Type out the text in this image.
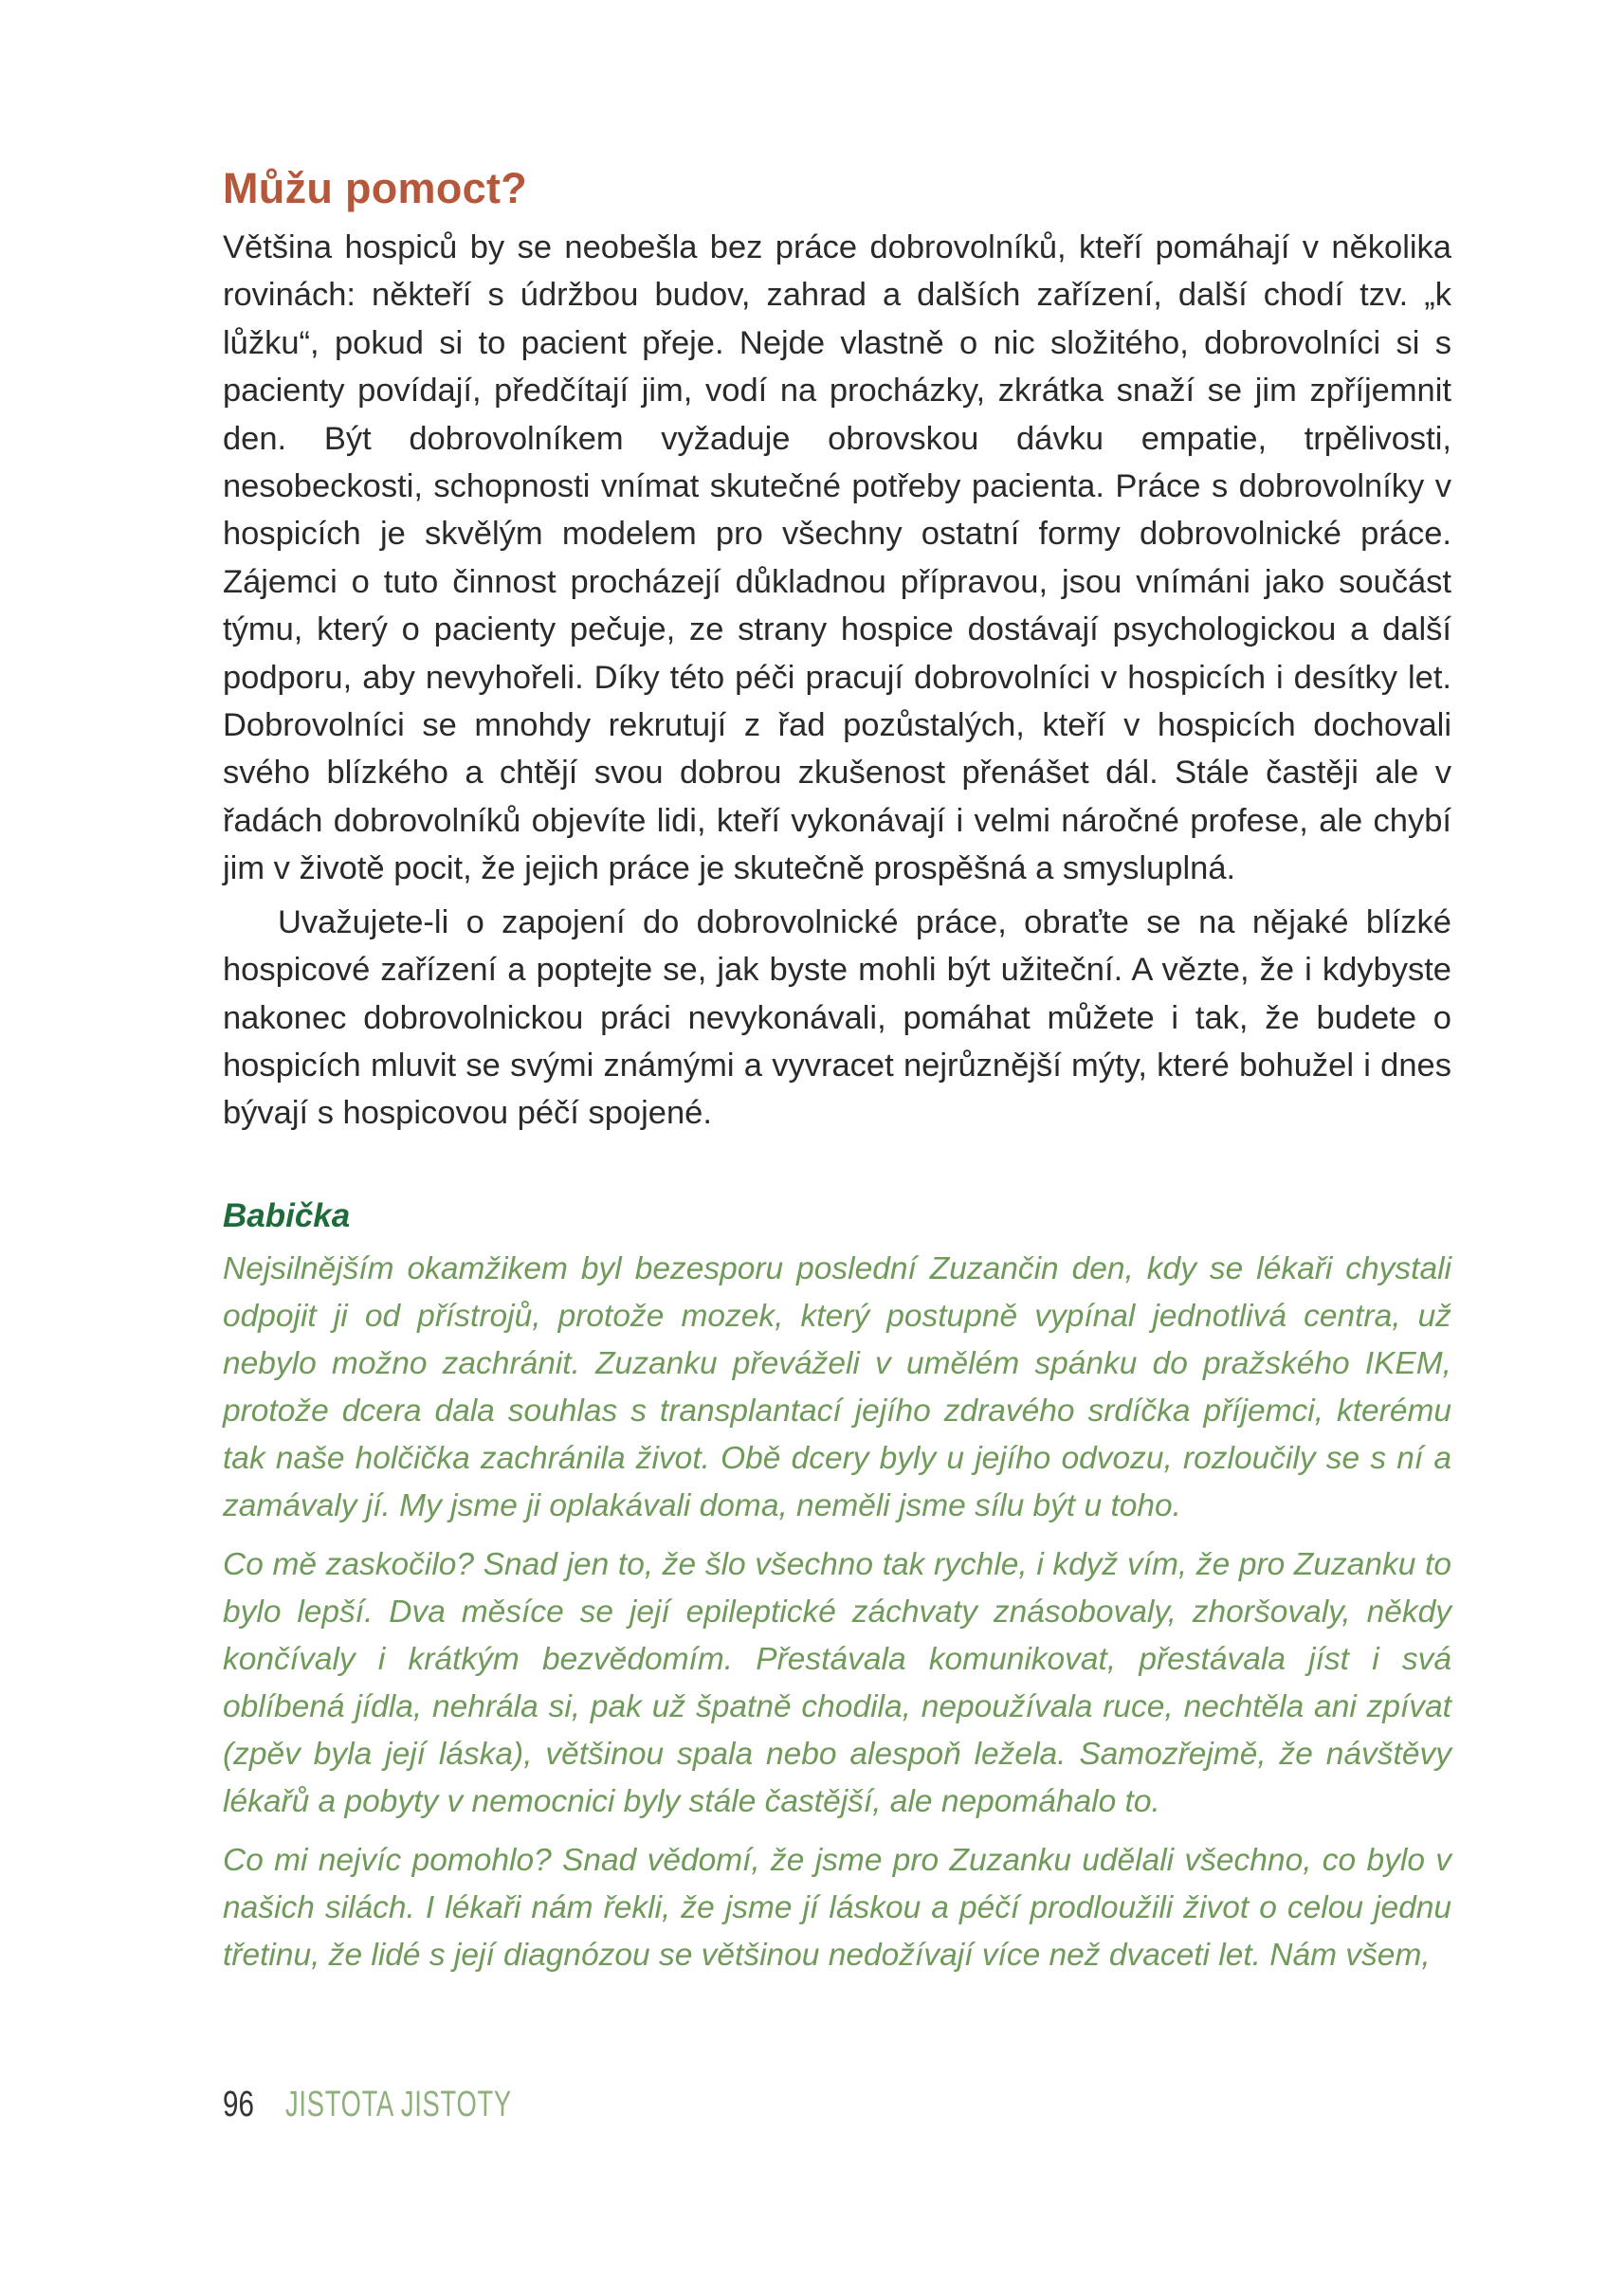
Můžu pomoct?

Většina hospiců by se neobešla bez práce dobrovolníků, kteří pomáhají v několika rovinách: někteří s údržbou budov, zahrad a dalších zařízení, další chodí tzv. „k lůžku“, pokud si to pacient přeje. Nejde vlastně o nic složitého, dobrovolníci si s pacienty povídají, předčítají jim, vodí na procházky, zkrátka snaží se jim zpříjemnit den. Být dobrovolníkem vyžaduje obrovskou dávku empatie, trpělivosti, nesobeckosti, schopnosti vnímat skutečné potřeby pacienta. Práce s dobrovolníky v hospicích je skvělým modelem pro všechny ostatní formy dobrovolnické práce. Zájemci o tuto činnost procházejí důkladnou přípravou, jsou vnímáni jako součást týmu, který o pacienty pečuje, ze strany hospice dostávají psychologickou a další podporu, aby nevyhořeli. Díky této péči pracují dobrovolníci v hospicích i desítky let. Dobrovolníci se mnohdy rekrutují z řad pozůstalých, kteří v hospicích dochovali svého blízkého a chtějí svou dobrou zkušenost přenášet dál. Stále častěji ale v řadách dobrovolníků objevíte lidi, kteří vykonávají i velmi náročné profese, ale chybí jim v životě pocit, že jejich práce je skutečně prospěšná a smysluplná.

Uvažujete-li o zapojení do dobrovolnické práce, obraťte se na nějaké blízké hospicové zařízení a poptejte se, jak byste mohli být užiteční. A vězte, že i kdybyste nakonec dobrovolnickou práci nevykonávali, pomáhat můžete i tak, že budete o hospicích mluvit se svými známými a vyvracet nejrůznější mýty, které bohužel i dnes bývají s hospicovou péčí spojené.

Babička

Nejsilnějším okamžikem byl bezesporu poslední Zuzančin den, kdy se lékaři chystali odpojit ji od přístrojů, protože mozek, který postupně vypínal jednotlivá centra, už nebylo možno zachránit. Zuzanku převáželi v umělém spánku do pražského IKEM, protože dcera dala souhlas s transplantací jejího zdravého srdíčka příjemci, kterému tak naše holčička zachránila život. Obě dcery byly u jejího odvozu, rozloučily se s ní a zamávaly jí. My jsme ji oplakávali doma, neměli jsme sílu být u toho.

Co mě zaskočilo? Snad jen to, že šlo všechno tak rychle, i když vím, že pro Zuzanku to bylo lepší. Dva měsíce se její epileptické záchvaty znásobovaly, zhoršovaly, někdy končívaly i krátkým bezvědomím. Přestávala komunikovat, přestávala jíst i svá oblíbená jídla, nehrála si, pak už špatně chodila, nepoužívala ruce, nechtěla ani zpívat (zpěv byla její láska), většinou spala nebo alespoň ležela. Samozřejmě, že návštěvy lékařů a pobyty v nemocnici byly stále častější, ale nepomáhalo to.

Co mi nejvíc pomohlo? Snad vědomí, že jsme pro Zuzanku udělali všechno, co bylo v našich silách. I lékaři nám řekli, že jsme jí láskou a péčí prodloužili život o celou jednu třetinu, že lidé s její diagnózou se většinou nedožívají více než dvaceti let. Nám všem,

96 JISTOTA JISTOTY
